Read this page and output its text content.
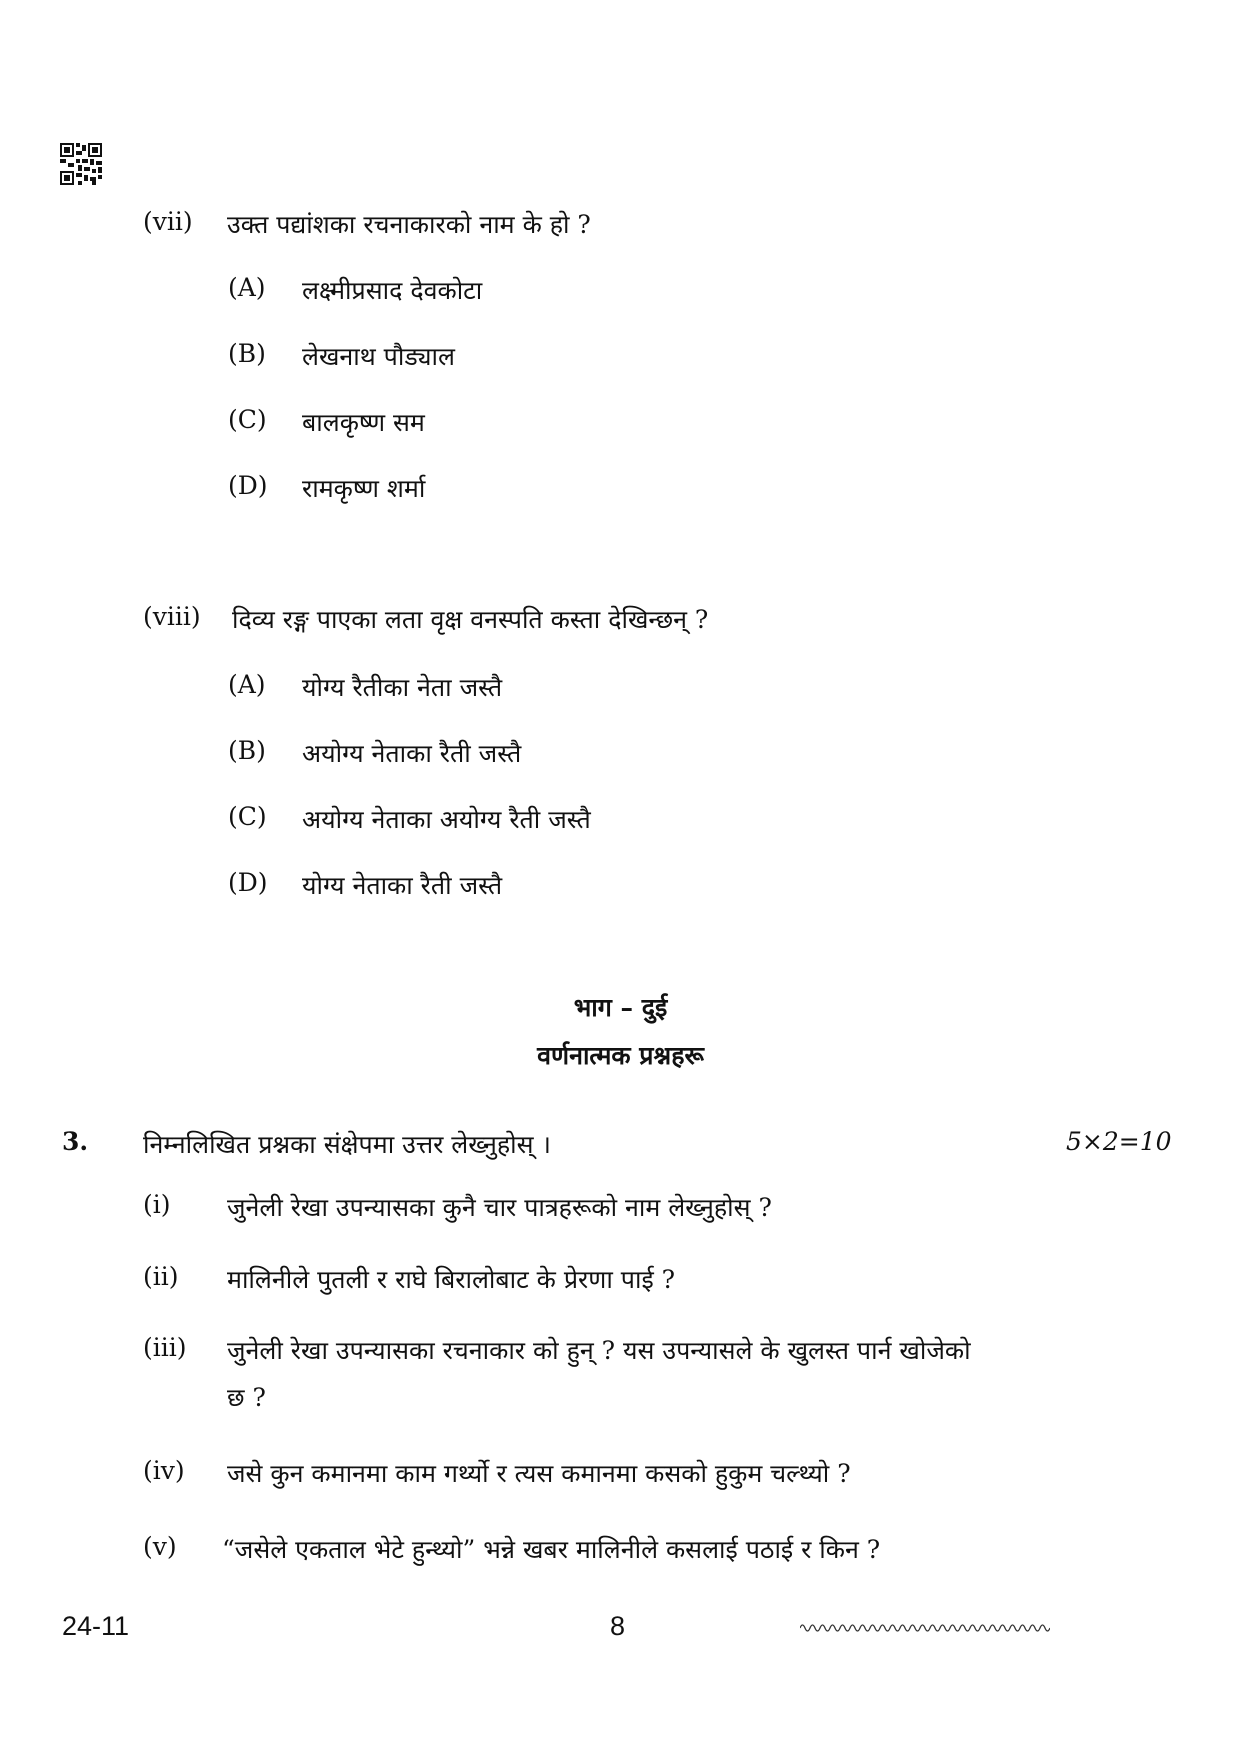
(vii) उक्त पद्यांशका रचनाकारको नाम के हो ?
(A) लक्ष्मीप्रसाद देवकोटा
(B) लेखनाथ पौड्याल
(C) बालकृष्ण सम
(D) रामकृष्ण शर्मा
(viii) दिव्य रङ्ग पाएका लता वृक्ष वनस्पति कस्ता देखिन्छन् ?
(A) योग्य रैतीका नेता जस्तै
(B) अयोग्य नेताका रैती जस्तै
(C) अयोग्य नेताका अयोग्य रैती जस्तै
(D) योग्य नेताका रैती जस्तै
भाग – दुई
वर्णनात्मक प्रश्नहरू
3. निम्नलिखित प्रश्नका संक्षेपमा उत्तर लेख्नुहोस् ।	5×2=10
(i) जुनेली रेखा उपन्यासका कुनै चार पात्रहरूको नाम लेख्नुहोस् ?
(ii) मालिनीले पुतली र राघे बिरालोबाट के प्रेरणा पाई ?
(iii) जुनेली रेखा उपन्यासका रचनाकार को हुन् ? यस उपन्यासले के खुलस्त पार्न खोजेको
छ ?
(iv) जसे कुन कमानमा काम गर्थ्यो र त्यस कमानमा कसको हुकुम चल्थ्यो ?
(v) “जसेले एकताल भेटे हुन्थ्यो” भन्ने खबर मालिनीले कसलाई पठाई र किन ?
24-11	8
